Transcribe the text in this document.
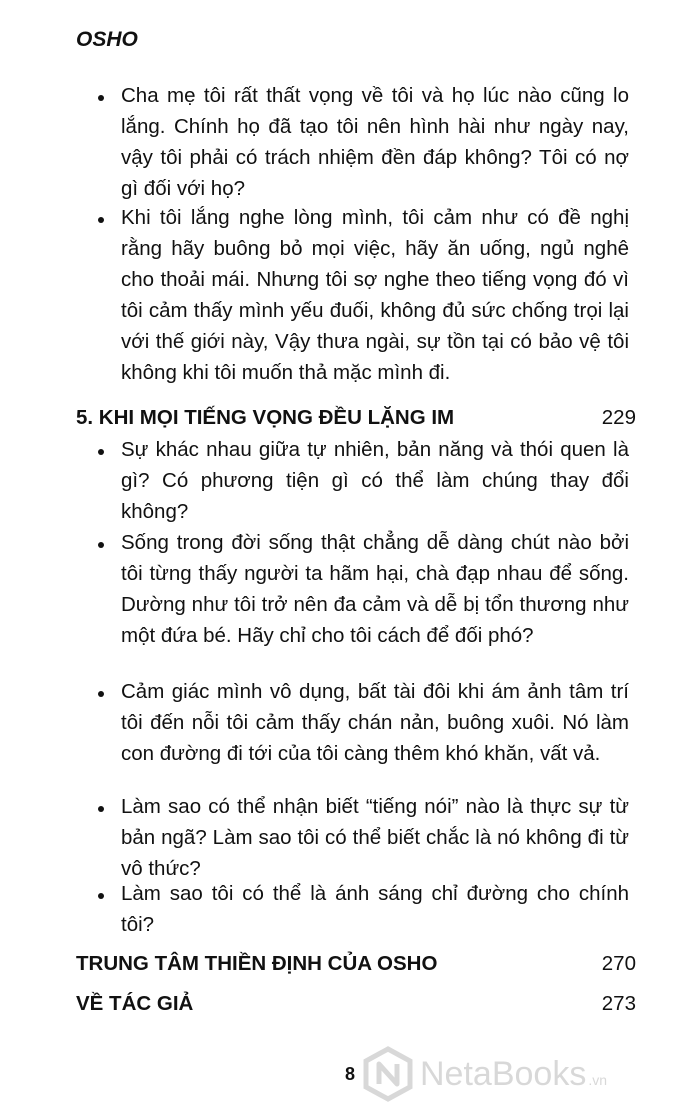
OSHO
Cha mẹ tôi rất thất vọng về tôi và họ lúc nào cũng lo lắng. Chính họ đã tạo tôi nên hình hài như ngày nay, vậy tôi phải có trách nhiệm đền đáp không? Tôi có nợ gì đối với họ?
Khi tôi lắng nghe lòng mình, tôi cảm như có đề nghị rằng hãy buông bỏ mọi việc, hãy ăn uống, ngủ nghê cho thoải mái. Nhưng tôi sợ nghe theo tiếng vọng đó vì tôi cảm thấy mình yếu đuối, không đủ sức chống trọi lại với thế giới này, Vậy thưa ngài, sự tồn tại có bảo vệ tôi không khi tôi muốn thả mặc mình đi.
5. KHI MỌI TIẾNG VỌNG ĐỀU LẶNG IM	229
Sự khác nhau giữa tự nhiên, bản năng và thói quen là gì? Có phương tiện gì có thể làm chúng thay đổi không?
Sống trong đời sống thật chẳng dễ dàng chút nào bởi tôi từng thấy người ta hãm hại, chà đạp nhau để sống. Dường như tôi trở nên đa cảm và dễ bị tổn thương như một đứa bé. Hãy chỉ cho tôi cách để đối phó?
Cảm giác mình vô dụng, bất tài đôi khi ám ảnh tâm trí tôi đến nỗi tôi cảm thấy chán nản, buông xuôi. Nó làm con đường đi tới của tôi càng thêm khó khăn, vất vả.
Làm sao có thể nhận biết “tiếng nói” nào là thực sự từ bản ngã? Làm sao tôi có thể biết chắc là nó không đi từ vô thức?
Làm sao tôi có thể là ánh sáng chỉ đường cho chính tôi?
TRUNG TÂM THIỀN ĐỊNH CỦA OSHO	270
VỀ TÁC GIẢ	273
8	NetaBooks .vn
